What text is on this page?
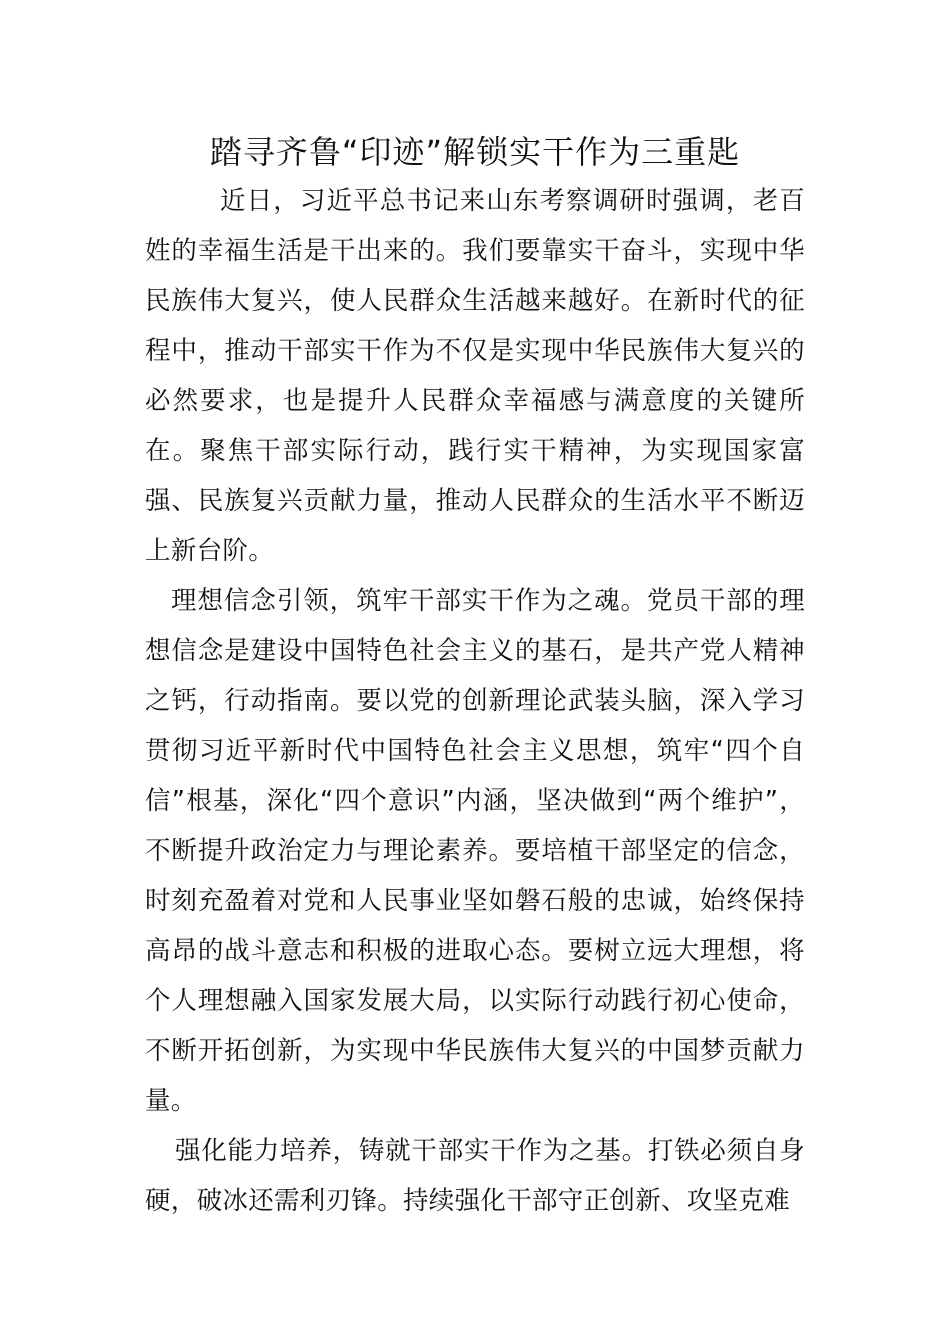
踏寻齐鲁“印迹”解锁实干作为三重匙

近日，习近平总书记来山东考察调研时强调，老百姓的幸福生活是干出来的。我们要靠实干奋斗，实现中华民族伟大复兴，使人民群众生活越来越好。在新时代的征程中，推动干部实干作为不仅是实现中华民族伟大复兴的必然要求，也是提升人民群众幸福感与满意度的关键所在。聚焦干部实际行动，践行实干精神，为实现国家富强、民族复兴贡献力量，推动人民群众的生活水平不断迈上新台阶。

理想信念引领，筑牢干部实干作为之魂。党员干部的理想信念是建设中国特色社会主义的基石，是共产党人精神之钙，行动指南。要以党的创新理论武装头脑，深入学习贯彻习近平新时代中国特色社会主义思想，筑牢“四个自信”根基，深化“四个意识”内涵，坚决做到“两个维护”，不断提升政治定力与理论素养。要培植干部坚定的信念，时刻充盈着对党和人民事业坚如磐石般的忠诚，始终保持高昂的战斗意志和积极的进取心态。要树立远大理想，将个人理想融入国家发展大局，以实际行动践行初心使命，不断开拓创新，为实现中华民族伟大复兴的中国梦贡献力量。

强化能力培养，铸就干部实干作为之基。打铁必须自身硬，破冰还需利刃锋。持续强化干部守正创新、攻坚克难
